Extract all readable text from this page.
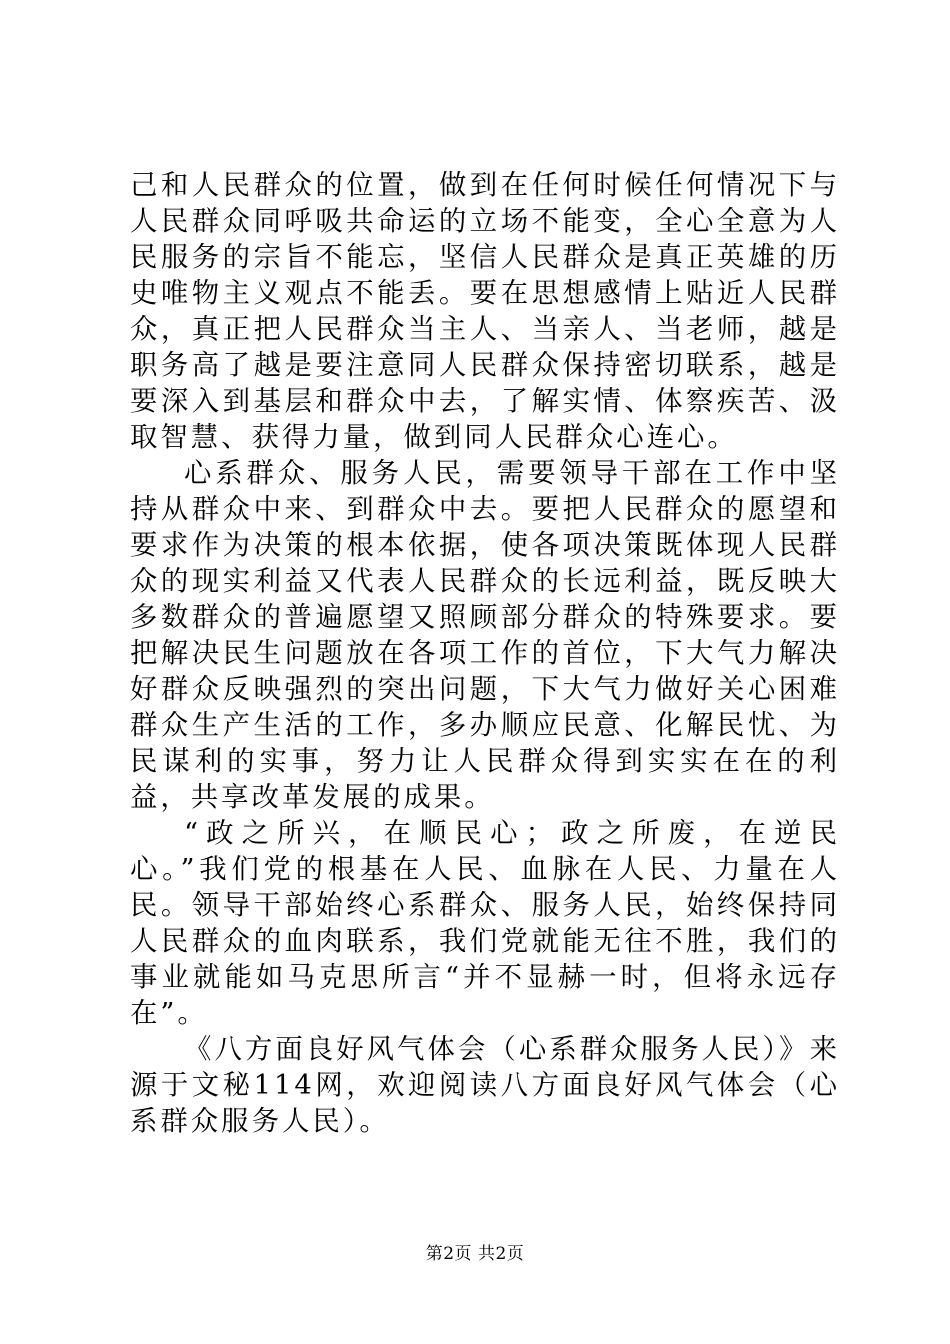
己和人民群众的位置，做到在任何时候任何情况下与人民群众同呼吸共命运的立场不能变，全心全意为人民服务的宗旨不能忘，坚信人民群众是真正英雄的历史唯物主义观点不能丢。要在思想感情上贴近人民群众，真正把人民群众当主人、当亲人、当老师，越是职务高了越是要注意同人民群众保持密切联系，越是要深入到基层和群众中去，了解实情、体察疾苦、汲取智慧、获得力量，做到同人民群众心连心。

心系群众、服务人民，需要领导干部在工作中坚持从群众中来、到群众中去。要把人民群众的愿望和要求作为决策的根本依据，使各项决策既体现人民群众的现实利益又代表人民群众的长远利益，既反映大多数群众的普遍愿望又照顾部分群众的特殊要求。要把解决民生问题放在各项工作的首位，下大气力解决好群众反映强烈的突出问题，下大气力做好关心困难群众生产生活的工作，多办顺应民意、化解民忧、为民谋利的实事，努力让人民群众得到实实在在的利益，共享改革发展的成果。

“政之所兴，在顺民心；政之所废，在逆民心。”我们党的根基在人民、血脉在人民、力量在人民。领导干部始终心系群众、服务人民，始终保持同人民群众的血肉联系，我们党就能无往不胜，我们的事业就能如马克思所言“并不显赫一时，但将永远存在”。

《八方面良好风气体会（心系群众服务人民）》来源于文秘114网，欢迎阅读八方面良好风气体会（心系群众服务人民）。

第2页 共2页
